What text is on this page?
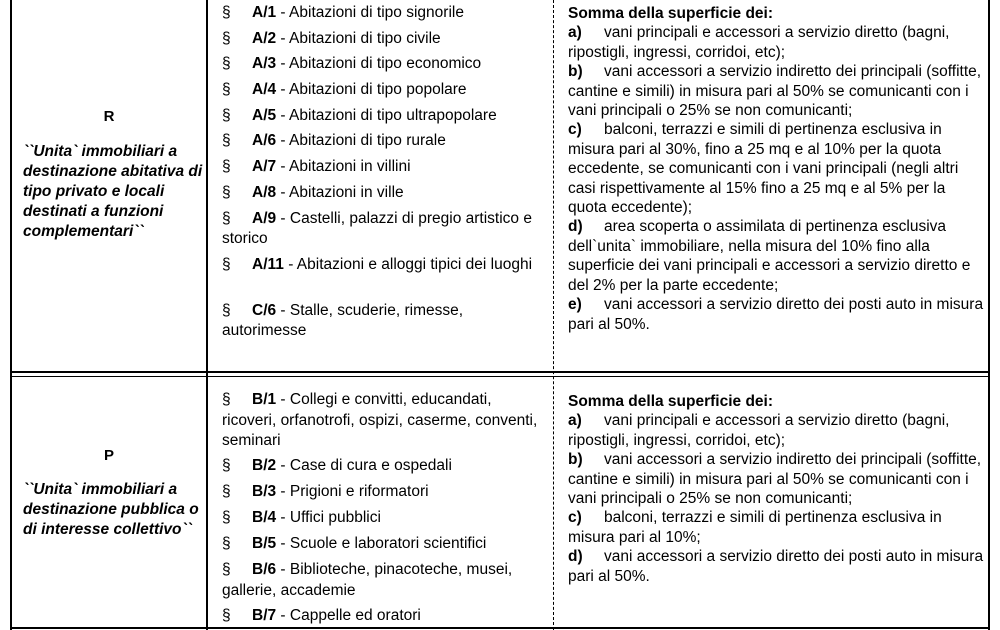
R
``Unita` immobiliari a destinazione abitativa di tipo privato e locali destinati a funzioni complementari``
§ A/1 - Abitazioni di tipo signorile
§ A/2 - Abitazioni di tipo civile
§ A/3 - Abitazioni di tipo economico
§ A/4 - Abitazioni di tipo popolare
§ A/5 - Abitazioni di tipo ultrapopolare
§ A/6 - Abitazioni di tipo rurale
§ A/7 - Abitazioni in villini
§ A/8 - Abitazioni in ville
§ A/9 - Castelli, palazzi di pregio artistico e storico
§ A/11 - Abitazioni e alloggi tipici dei luoghi
§ C/6 - Stalle, scuderie, rimesse, autorimesse
Somma della superficie dei:
a) vani principali e accessori a servizio diretto (bagni, ripostigli, ingressi, corridoi, etc);
b) vani accessori a servizio indiretto dei principali (soffitte, cantine e simili) in misura pari al 50% se comunicanti con i vani principali o 25% se non comunicanti;
c) balconi, terrazzi e simili di pertinenza esclusiva in misura pari al 30%, fino a 25 mq e al 10% per la quota eccedente, se comunicanti con i vani principali (negli altri casi rispettivamente al 15% fino a 25 mq e al 5% per la quota eccedente);
d) area scoperta o assimilata di pertinenza esclusiva dell`unita` immobiliare, nella misura del 10% fino alla superficie dei vani principali e accessori a servizio diretto e del 2% per la parte eccedente;
e) vani accessori a servizio diretto dei posti auto in misura pari al 50%.
P
``Unita` immobiliari a destinazione pubblica o di interesse collettivo``
§ B/1 - Collegi e convitti, educandati, ricoveri, orfanotrofi, ospizi, caserme, conventi, seminari
§ B/2 - Case di cura e ospedali
§ B/3 - Prigioni e riformatori
§ B/4 - Uffici pubblici
§ B/5 - Scuole e laboratori scientifici
§ B/6 - Biblioteche, pinacoteche, musei, gallerie, accademie
§ B/7 - Cappelle ed oratori
Somma della superficie dei:
a) vani principali e accessori a servizio diretto (bagni, ripostigli, ingressi, corridoi, etc);
b) vani accessori a servizio indiretto dei principali (soffitte, cantine e simili) in misura pari al 50% se comunicanti con i vani principali o 25% se non comunicanti;
c) balconi, terrazzi e simili di pertinenza esclusiva in misura pari al 10%;
d) vani accessori a servizio diretto dei posti auto in misura pari al 50%.
